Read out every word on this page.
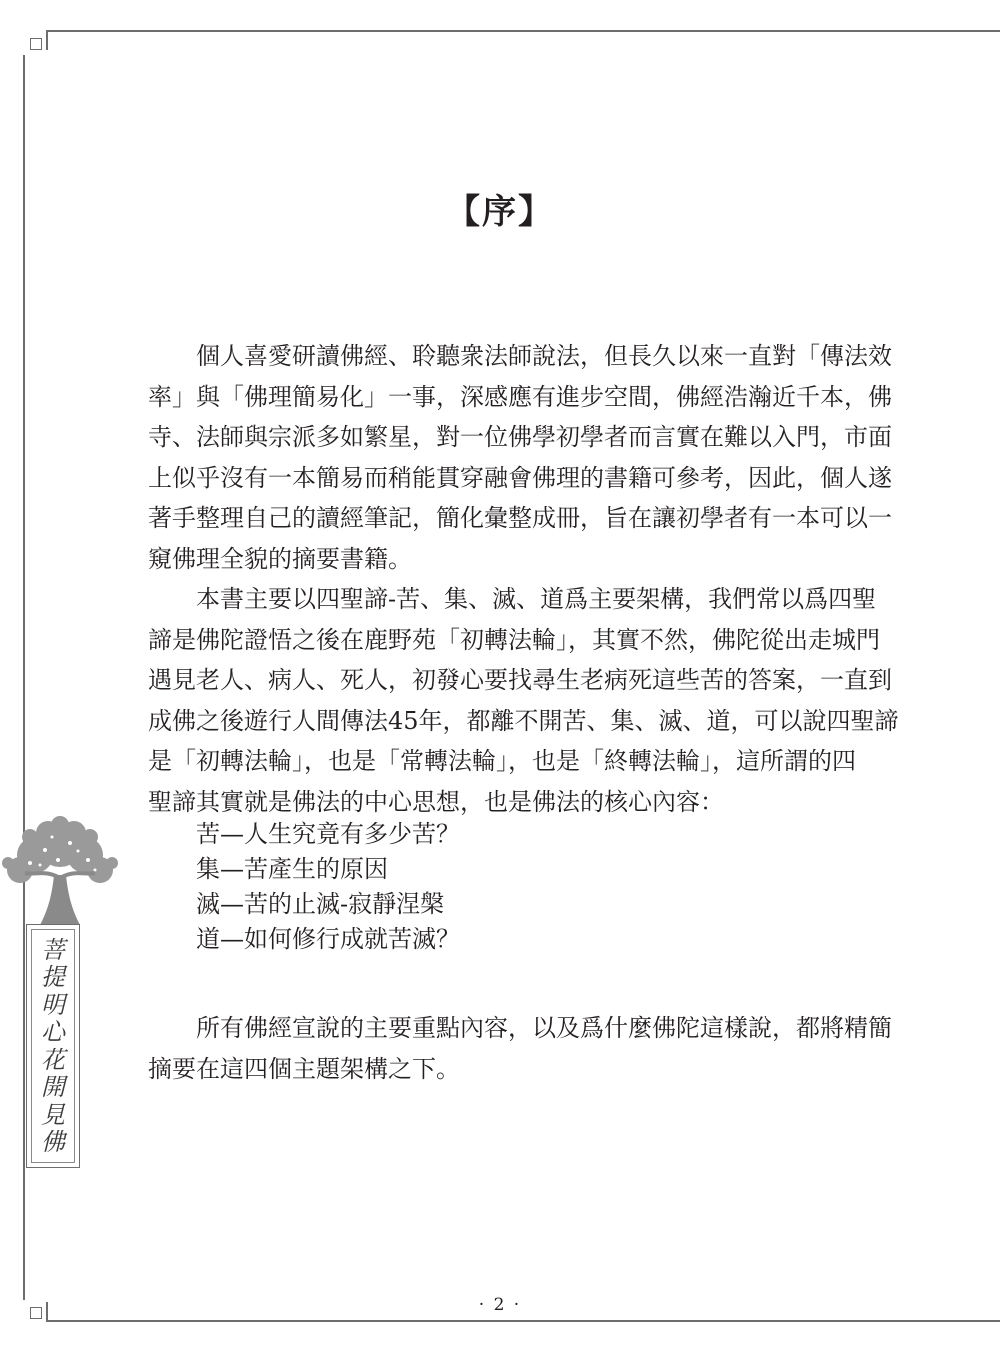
菩
提
明
心
花
開
見
佛
【序】

個人喜愛研讀佛經、聆聽衆法師說法，但長久以來一直對「傳法效
率」與「佛理簡易化」一事，深感應有進步空間，佛經浩瀚近千本，佛
寺、法師與宗派多如繁星，對一位佛學初學者而言實在難以入門，市面
上似乎沒有一本簡易而稍能貫穿融會佛理的書籍可參考，因此，個人遂
著手整理自己的讀經筆記，簡化彙整成冊，旨在讓初學者有一本可以一
窺佛理全貌的摘要書籍。

本書主要以四聖諦-苦、集、滅、道爲主要架構，我們常以爲四聖
諦是佛陀證悟之後在鹿野苑「初轉法輪」，其實不然，佛陀從出走城門
遇見老人、病人、死人，初發心要找尋生老病死這些苦的答案，一直到
成佛之後遊行人間傳法45年，都離不開苦、集、滅、道，可以說四聖諦
是「初轉法輪」，也是「常轉法輪」，也是「終轉法輪」，這所謂的四
聖諦其實就是佛法的中心思想，也是佛法的核心內容：

苦—人生究竟有多少苦？
集—苦產生的原因
滅—苦的止滅-寂靜涅槃
道—如何修行成就苦滅？
所有佛經宣說的主要重點內容，以及爲什麼佛陀這樣說，都將精簡
摘要在這四個主題架構之下。
· 2 ·
